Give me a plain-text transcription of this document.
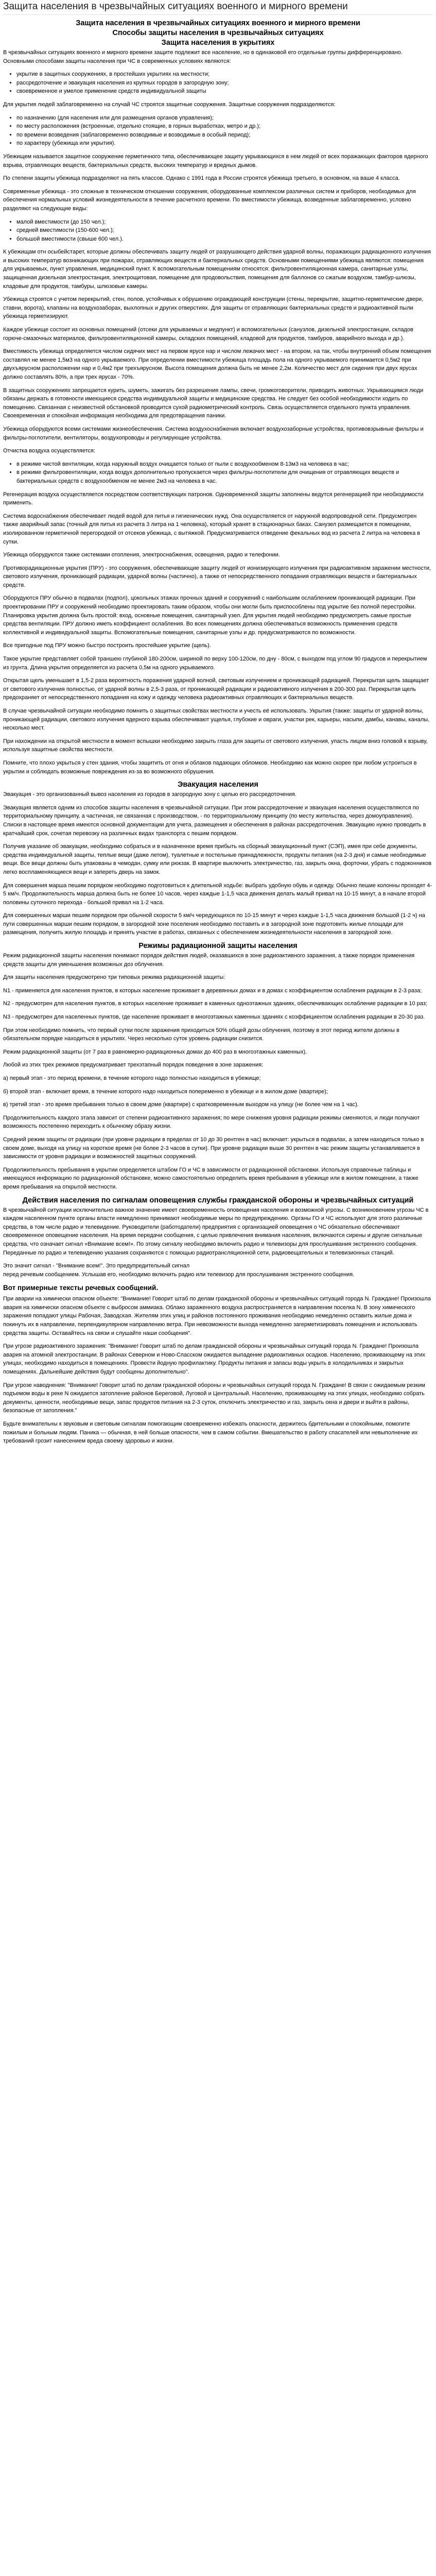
Защита населения в чрезвычайных ситуациях военного и мирного времени
Защита населения в чрезвычайных ситуациях военного и мирного времени
Способы защиты населения в чрезвычайных ситуациях
Защита населения в укрытиях

В чрезвычайных ситуациях военного и мирного времени защите подлежит все население, но в одинаковой его отдельные группы дифференцировано. Основными способами защиты населения при ЧС в современных условиях являются:

• укрытие в защитных сооружениях, в простейших укрытиях на местности;
• рассредоточение и эвакуация населения из крупных городов в загородную зону;
• своевременное и умелое применение средств индивидуальной защиты

Для укрытия людей заблаговременно на случай ЧС строятся защитные сооружения. Защитные сооружения подразделяются:

• по назначению (для населения или для размещения органов управления);
• по месту расположения (встроенные, отдельно стоящие, в горных выработках, метро и др.);
• по времени возведения (заблаговременно возводимые и возводимые в особый период);
• по характеру (убежища или укрытия).

Убежищем называется защитное сооружение герметичного типа, обеспечивающее защиту укрывающихся в нем людей от всех поражающих факторов ядерного взрыва, отравляющих веществ, бактериальных средств, высоких температур и вредных дымов.

По степени защиты убежища подразделяют на пять классов. Однако с 1991 года в России строятся убежища третьего, в основном, на ваше 4 класса.

Современные убежища - это сложные в техническом отношении сооружения, оборудованные комплексом различных систем и приборов, необходимых для обеспечения нормальных условий жизнедеятельности в течение расчетного времени. По вместимости убежища, возведенные заблаговременно, условно разделяют на следующие виды:

• малой вместимости (до 150 чел.);
• средней вместимости (150-600 чел.);
• большой вместимости (свыше 600 чел.).

К убежищам отн осыбейстарет, которые должны обеспечивать защиту людей от разрушающего действия ударной волны, поражающих радиационного излучения и высоких температур возникающих при пожарах, отравляющих веществ и бактериальных средств. Основными помещениями убежища являются: помещения для укрываемых, пункт управления, медицинский пункт. К вспомогательным помещениям относятся: фильтровентиляционная камера, санитарные узлы, защищенная дизельная электростанция, электрощитовая, помещение для продовольствия, помещения для баллонов со сжатым воздухом, тамбур-шлюзы, кладовые для продуктов, тамбуры, шлюзовые камеры.

Убежища строятся с учетом перекрытий, стен, полов, устойчивых к обрушению ограждающей конструкции (стены, перекрытие, защитно-герметические двери, ставни, ворота), клапаны на воздухозаборах, выхлопных и других отверстиях. Для защиты от отравляющих бактериальных средств и радиоактивной пыли убежища герметизируют.

Каждое убежище состоит из основных помещений (отсеки для укрываемых и медпункт) и вспомогательных (санузлов, дизельной электростанции, складов горюче-смазочных материалов, фильтровентиляционной камеры, складских помещений, кладовой для продуктов, тамбуров, аварийного выхода и др.).

Вместимость убежища определяется числом сидячих мест на первом ярусе нар и числом лежачих мест - на втором, на так, чтобы внутренний объем помещения составлял не менее 1,5м3 на одного укрываемого. При определении вместимости убежища площадь пола на одного укрываемого принимается 0,5м2 при двухъярусном расположении нар и 0,4м2 при трехъярусном. Высота помещения должна быть не менее 2,2м. Количество мест для сидения при двух ярусах должно составлять 80%, а при трех ярусах - 70%.

В защитных сооружениях запрещается курить, шуметь, зажигать без разрешения лампы, свечи, громкоговорители, приводить животных. Укрывающимся люди обязаны держать в готовности имеющиеся средства индивидуальной защиты и медицинские средства. Не следует без особой необходимости ходить по помещению. Связанная с неизвестной обстановкой проводится сухой радиометрический контроль. Связь осуществляется отдельного пункта управления. Своевременная и спокойная информация необходима для предотвращения паники.

Убежища оборудуются всеми системами жизнеобеспечения. Система воздухоснабжения включает воздухозаборные устройства, противовзрывные фильтры и фильтры-поглотители, вентиляторы, воздухопроводы и регулирующие устройства.

Отчистка воздуха осуществляется:

• в режиме чистой вентиляции, когда наружный воздух очищается только от пыли с воздухообменом 8-13м3 на человека в час;
• в режиме фильтровентиляции, когда воздух дополнительно пропускается через фильтры-поглотители для очищения от отравляющих веществ и бактериальных средств с воздухообменом не менее 2м3 на человека в час.

Регенерация воздуха осуществляется посредством соответствующих патронов. Одновременной защиты заполнены ведутся регенерацией при необходимости применить.

Система водоснабжения обеспечивает людей водой для питья и гигиенических нужд. Она осуществляется от наружной водопроводной сети. Предусмотрен также аварийный запас (точный для питья из расчета 3 литра на 1 человека), который хранят в стационарных баках. Санузел размещается в помещении, изолированном герметичной перегородкой от отсеков убежища, с вытяжкой. Предусматривается отведение фекальных вод из расчета 2 литра на человека в сутки.

Убежища оборудуются также системами отопления, электроснабжения, освещения, радио и телефонии.

Противорадиационные укрытия (ПРУ) - это сооружения, обеспечивающие защиту людей от ионизирующего излучения при радиоактивном заражении местности, светового излучения, проникающей радиации, ударной волны (частично), а также от непосредственного попадания отравляющих веществ и бактериальных средств.

Оборудуются ПРУ обычно в подвалах (подпол), цокольных этажах прочных зданий и сооружений с наибольшим ослаблением проникающей радиации. При проектировании ПРУ и сооружений необходимо проектировать таким образом, чтобы они могли быть приспособлены под укрытие без полной перестройки. Планировка укрытия должна быть простой: вход, основные помещения, санитарный узел. Для укрытия людей необходимо предусмотреть самые простые средства вентиляции. ПРУ должно иметь коэффициент ослабления. Во всех помещениях должна обеспечиваться возможность применения средств коллективной и индивидуальной защиты. Вспомогательные помещения, санитарные узлы и др. предусматриваются по возможности.

Все пригодные под ПРУ можно быстро построить простейшее укрытие (щель).

Такое укрытие представляет собой траншею глубиной 180-200см, шириной по верху 100-120см, по дну - 80см, с выходом под углом 90 градусов и перекрытием из грунта. Длина укрытия определяется из расчета 0,5м на одного укрываемого.

Открытая щель уменьшает в 1,5-2 раза вероятность поражения ударной волной, световым излучением и проникающей радиацией. Перекрытая щель защищает от светового излучения полностью, от ударной волны в 2,5-3 раза, от проникающей радиации и радиоактивного излучения в 200-300 раз. Перекрытая щель предохраняет от непосредственного попадания на кожу и одежду человека радиоактивных отравляющих и бактериальных веществ.

В случае чрезвычайной ситуации необходимо помнить о защитных свойствах местности и учесть её использовать. Укрытия (также: защиты от ударной волны, проникающей радиации, светового излучения ядерного взрыва обеспечивают ущелья, глубокие и овраги, участки рек, карьеры, насыпи, дамбы, канавы, каналы, несколько мест.

При нахождении на открытой местности в момент вспышки необходимо закрыть глаза для защиты от светового излучения, упасть лицом вниз головой к взрыву, используя защитные свойства местности.

Помните, что плохо укрыться у стен здания, чтобы защитить от огня и облаков падающих обломков. Необходимо как можно скорее при любом устроиться в укрытии и соблюдать возможные повреждения из-за во возможного обрушения.

Эвакуация населения

Эвакуация - это организованный вывоз населения из городов в загородную зону с целью его рассредоточения.

Эвакуация является одним из способов защиты населения в чрезвычайной ситуации. При этом рассредоточение и эвакуация населения осуществляются по территориальному принципу, а частичная, не связанная с производством, - по территориальному принципу (по месту жительства, через домоуправления). Списки в настоящее время имеются основной документации для учета, размещения и обеспечения в районах рассредоточения. Эвакуацию нужно проводить в кратчайший срок, сочетая перевозку на различных видах транспорта с пешим порядком.

Получив указание об эвакуации, необходимо собраться и в назначенное время прибыть на сборный эвакуационный пункт (СЭП), имея при себе документы, средства индивидуальной защиты, теплые вещи (даже летом), туалетные и постельные принадлежности, продукты питания (на 2-3 дня) и самые необходимые вещи. Все вещи должны быть упакованы в чемодан, сумку или рюкзак. В квартире выключить электричество, газ, закрыть окна, форточки, убрать с подоконников легко воспламеняющиеся вещи и запереть дверь на замок.

Для совершения марша пешим порядком необходимо подготовиться к длительной ходьбе: выбрать удобную обувь и одежду. Обычно пешие колонны проходят 4-5 км/ч. Продолжительность марша должна быть не более 10 часов, через каждые 1-1,5 часа движения делать малый привал на 10-15 минут, а в начале второй половины суточного перехода - большой привал на 1-2 часа.

Для совершенных марши пешим порядком при обычной скорости 5 км/ч чередующихся по 10-15 минут и через каждые 1-1,5 часа движения большой (1-2 ч) на пути совершенных марши пешим порядком, в загородной зоне поселения необходимо поставить и в загородной зоне подготовить жилые площади для размещения, получить жилую площадь и принять участие в работах, связанных с обеспечением жизнедеятельности населения в загородной зоне.

Режимы радиационной защиты населения

Режим радиационной защиты населения понимают порядок действия людей, оказавшихся в зоне радиоактивного заражения, а также порядок применения средств защиты для уменьшения возможных доз облучения.

Для защиты населения предусмотрено три типовых режима радиационной защиты:

N1 - применяется для населения пунктов, в которых население проживает в деревянных домах и в домах с коэффициентом ослабления радиации в 2-3 раза;

N2 - предусмотрен для населения пунктов, в которых население проживает в каменных одноэтажных зданиях, обеспечивающих ослабление радиации в 10 раз;

N3 - предусмотрен для населенных пунктов, где население проживает в многоэтажных каменных зданиях с коэффициентом ослабления радиации в 20-30 раз.

При этом необходимо помнить, что первый сутки после заражения приходиться 50% общей дозы облучения, поэтому в этот период жители должны в обязательном порядке находиться в укрытиях. Через несколько суток уровень радиации снизится.

Режим радиационной защиты (от 7 раз в равномерно-радиационных домах до 400 раз в многоэтажных каменных).

Любой из этих трех режимов предусматривает трехэтапный порядок поведения в зоне заражения:

а) первый этап - это период времени, в течение которого надо полностью находиться в убежище;

б) второй этап - включает время, в течение которого надо находиться попеременно в убежище и в жилом доме (квартире);

в) третий этап - это время пребывания только в своем доме (квартире) с кратковременным выходом на улицу (не более чем на 1 час).

Продолжительность каждого этапа зависит от степени радиоактивного заражения; по мере снижения уровня радиации режимы сменяются, и люди получают возможность постепенно переходить к обычному образу жизни.

Средний режим защиты от радиации (при уровне радиации в пределах от 10 до 30 рентген в час) включает: укрыться в подвалах, а затем находиться только в своем доме, выходя на улицу на короткое время (не более 2-3 часов в сутки). При уровне радиации выше 30 рентген в час режим защиты устанавливается в зависимости от уровня радиации и возможностей защитных сооружений.

Продолжительность пребывания в укрытии определяется штабом ГО и ЧС в зависимости от радиационной обстановки. Используя справочные таблицы и имеющуюся информацию по радиационной обстановке, можно самостоятельно определить время пребывания в убежище или в жилом помещении, а также время пребывания на открытой местности.

Действия населения по сигналам оповещения службы гражданской обороны и чрезвычайных ситуаций

В чрезвычайной ситуации исключительно важное значение имеет своевременность оповещения населения и возможной угрозы. С возникновением угрозы ЧС в каждом населенном пункте органы власти немедленно принимают необходимые меры по предупреждению. Органы ГО и ЧС используют для этого различные средства, в том числе радио и телевидение. Руководители (работодатели) предприятия с организацией оповещения о ЧС обязательно обеспечивают своевременное оповещение населения. На время передачи сообщения, с целью привлечения внимания населения, включаются сирены и другие сигнальные средства, что означает сигнал «Внимание всем!». По этому сигналу необходимо включить радио и телевизоры для прослушивания экстренного сообщения. Переданные по радио и телевидению указания сохраняются с помощью радиотрансляционной сети, радиовещательных и телевизионных станций.

Это значит сигнал - "Внимание всем!". Это предупредительный сигнал
перед речевым сообщением. Услышав его, необходимо включить радио или телевизор для прослушивания экстренного сообщения.

Вот примерные тексты речевых сообщений.

При аварии на химически опасном объекте: "Внимание! Говорит штаб по делам гражданской обороны и чрезвычайных ситуаций города N. Граждане! Произошла авария на химически опасном объекте с выбросом аммиака. Облако зараженного воздуха распространяется в направлении поселка N. В зону химического заражения попадают улицы Рабочая, Заводская. Жителям этих улиц и районов постоянного проживания необходимо немедленно оставить жилые дома и покинуть их в направлении, перпендикулярном направлению ветра. При невозможности выхода немедленно загерметизировать помещения и использовать средства защиты. Оставайтесь на связи и слушайте наши сообщения".

При угрозе радиоактивного заражения: "Внимание! Говорит штаб по делам гражданской обороны и чрезвычайных ситуаций города N. Граждане! Произошла авария на атомной электростанции. В районах Северном и Ново-Спасском ожидается выпадение радиоактивных осадков. Населению, проживающему на этих улицах, необходимо находиться в помещениях. Провести йодную профилактику. Продукты питания и запасы воды укрыть в холодильниках и закрытых помещениях. Дальнейшие действия будут сообщены дополнительно".

При угрозе наводнения: "Внимание! Говорит штаб по делам гражданской обороны и чрезвычайных ситуаций города N. Граждане! В связи с ожидаемым резким подъемом воды в реке N ожидается затопление районов Береговой, Луговой и Центральный. Населению, проживающему на этих улицах, необходимо собрать документы, ценности, необходимые вещи, запас продуктов питания на 2-3 суток, отключить электричество и газ, закрыть окна и двери и выйти в районы, безопасные от затопления."

Будьте внимательны к звуковым и световым сигналам помогающим своевременно избежать опасности, держитесь бдительными и спокойными, помогите пожилым и больным людям. Паника — обычная, в ней больше опасности, чем в самом событии. Вмешательство в работу спасателей или невыполнение их требований грозит нанесением вреда своему здоровью и жизни.
